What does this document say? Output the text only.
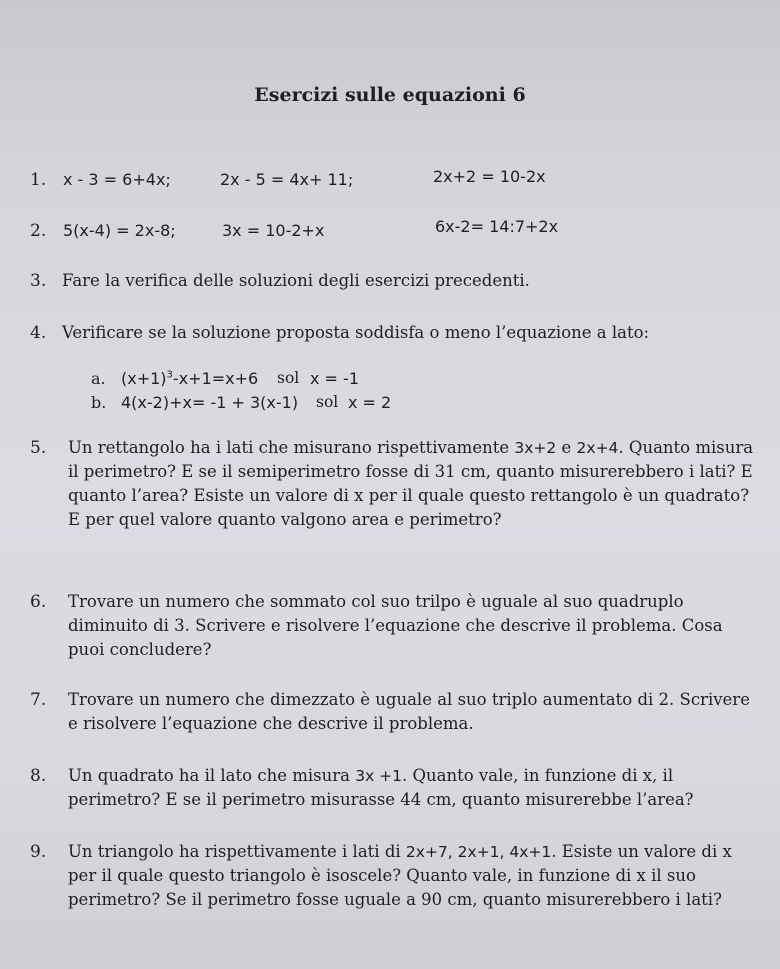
Esercizi sulle equazioni 6
1. x - 3 = 6+4x;	2x - 5 = 4x+ 11;	2x+2 = 10-2x
2. 5(x-4) = 2x-8;	3x = 10-2+x	6x-2= 14:7+2x
3. Fare la verifica delle soluzioni degli esercizi precedenti.
4. Verificare se la soluzione proposta soddisfa o meno l’equazione a lato:
a. $(x+1)^3-x+1=x+6$ sol x = -1
b. 4(x-2)+x= -1 + 3(x-1) sol x = 2
5. Un rettangolo ha i lati che misurano rispettivamente 3x+2 e 2x+4. Quanto misura il perimetro? E se il semiperimetro fosse di 31 cm, quanto misurerebbero i lati? E quanto l’area? Esiste un valore di x per il quale questo rettangolo è un quadrato? E per quel valore quanto valgono area e perimetro?
6. Trovare un numero che sommato col suo trilpo è uguale al suo quadruplo diminuito di 3. Scrivere e risolvere l’equazione che descrive il problema. Cosa puoi concludere?
7. Trovare un numero che dimezzato è uguale al suo triplo aumentato di 2. Scrivere e risolvere l’equazione che descrive il problema.
8. Un quadrato ha il lato che misura 3x +1. Quanto vale, in funzione di x, il perimetro? E se il perimetro misurasse 44 cm, quanto misurerebbe l’area?
9. Un triangolo ha rispettivamente i lati di 2x+7, 2x+1, 4x+1. Esiste un valore di x per il quale questo triangolo è isoscele? Quanto vale, in funzione di x il suo perimetro? Se il perimetro fosse uguale a 90 cm, quanto misurerebbero i lati?
